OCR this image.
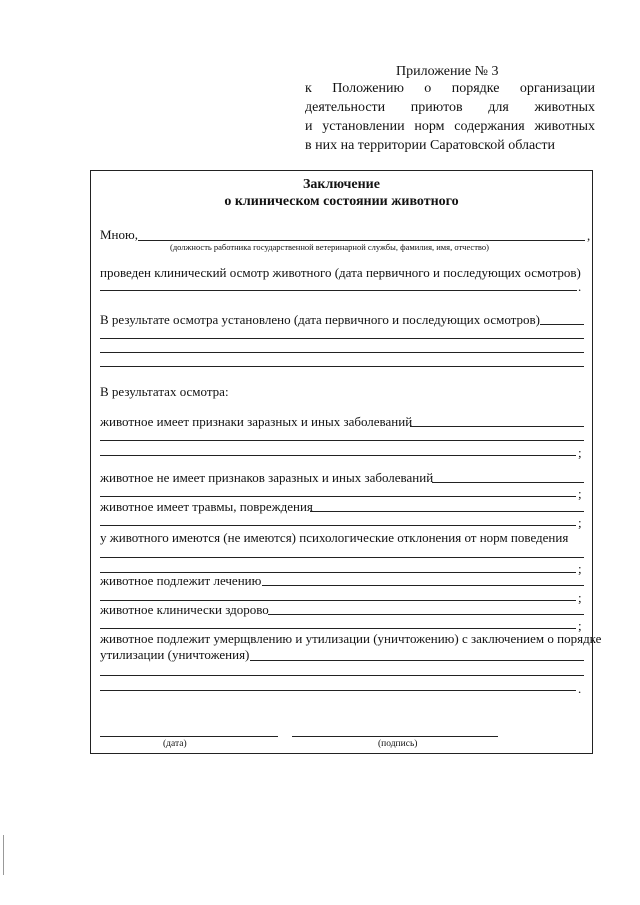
Приложение № 3
к Положению о порядке организации
деятельности приютов для животных
и установлении норм содержания животных
в них на территории Саратовской области
Заключение
о клиническом состоянии животного
Мною,	,
(должность работника государственной ветеринарной службы, фамилия, имя, отчество)
проведен клинический осмотр животного (дата первичного и последующих осмотров)
.
В результате осмотра установлено (дата первичного и последующих осмотров)
В результатах осмотра:
животное имеет признаки заразных и иных заболеваний
;
животное не имеет признаков заразных и иных заболеваний
;
животное имеет травмы, повреждения
;
у животного имеются (не имеются) психологические отклонения от норм поведения
;
животное подлежит лечению
;
животное клинически здорово
;
животное подлежит умерщвлению и утилизации (уничтожению) с заключением о порядке
утилизации (уничтожения)
.
(дата)	(подпись)
